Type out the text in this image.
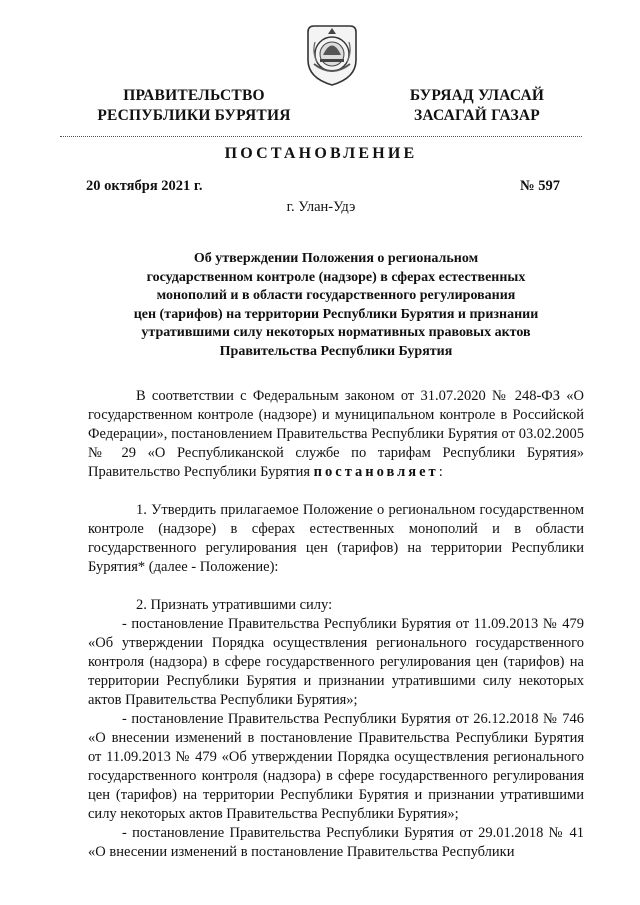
ПРАВИТЕЛЬСТВО
РЕСПУБЛИКИ БУРЯТИЯ
БУРЯАД УЛАСАЙ
ЗАСАГАЙ ГАЗАР
ПОСТАНОВЛЕНИЕ
20 октября 2021 г.	№ 597
г. Улан-Удэ
Об утверждении Положения о региональном
государственном контроле (надзоре) в сферах естественных
монополий и в области государственного регулирования
цен (тарифов) на территории Республики Бурятия и признании
утратившими силу некоторых нормативных правовых актов
Правительства Республики Бурятия

В соответствии с Федеральным законом от 31.07.2020 № 248-ФЗ «О государственном контроле (надзоре) и муниципальном контроле в Российской Федерации», постановлением Правительства Республики Бурятия от 03.02.2005 № 29 «О Республиканской службе по тарифам Республики Бурятия» Правительство Республики Бурятия постановляет:

1. Утвердить прилагаемое Положение о региональном государственном контроле (надзоре) в сферах естественных монополий и в области государственного регулирования цен (тарифов) на территории Республики Бурятия* (далее - Положение):

2. Признать утратившими силу:

- постановление Правительства Республики Бурятия от 11.09.2013 № 479 «Об утверждении Порядка осуществления регионального государственного контроля (надзора) в сфере государственного регулирования цен (тарифов) на территории Республики Бурятия и признании утратившими силу некоторых актов Правительства Республики Бурятия»;

- постановление Правительства Республики Бурятия от 26.12.2018 № 746 «О внесении изменений в постановление Правительства Республики Бурятия от 11.09.2013 № 479 «Об утверждении Порядка осуществления регионального государственного контроля (надзора) в сфере государственного регулирования цен (тарифов) на территории Республики Бурятия и признании утратившими силу некоторых актов Правительства Республики Бурятия»;

- постановление Правительства Республики Бурятия от 29.01.2018 № 41 «О внесении изменений в постановление Правительства Республики
